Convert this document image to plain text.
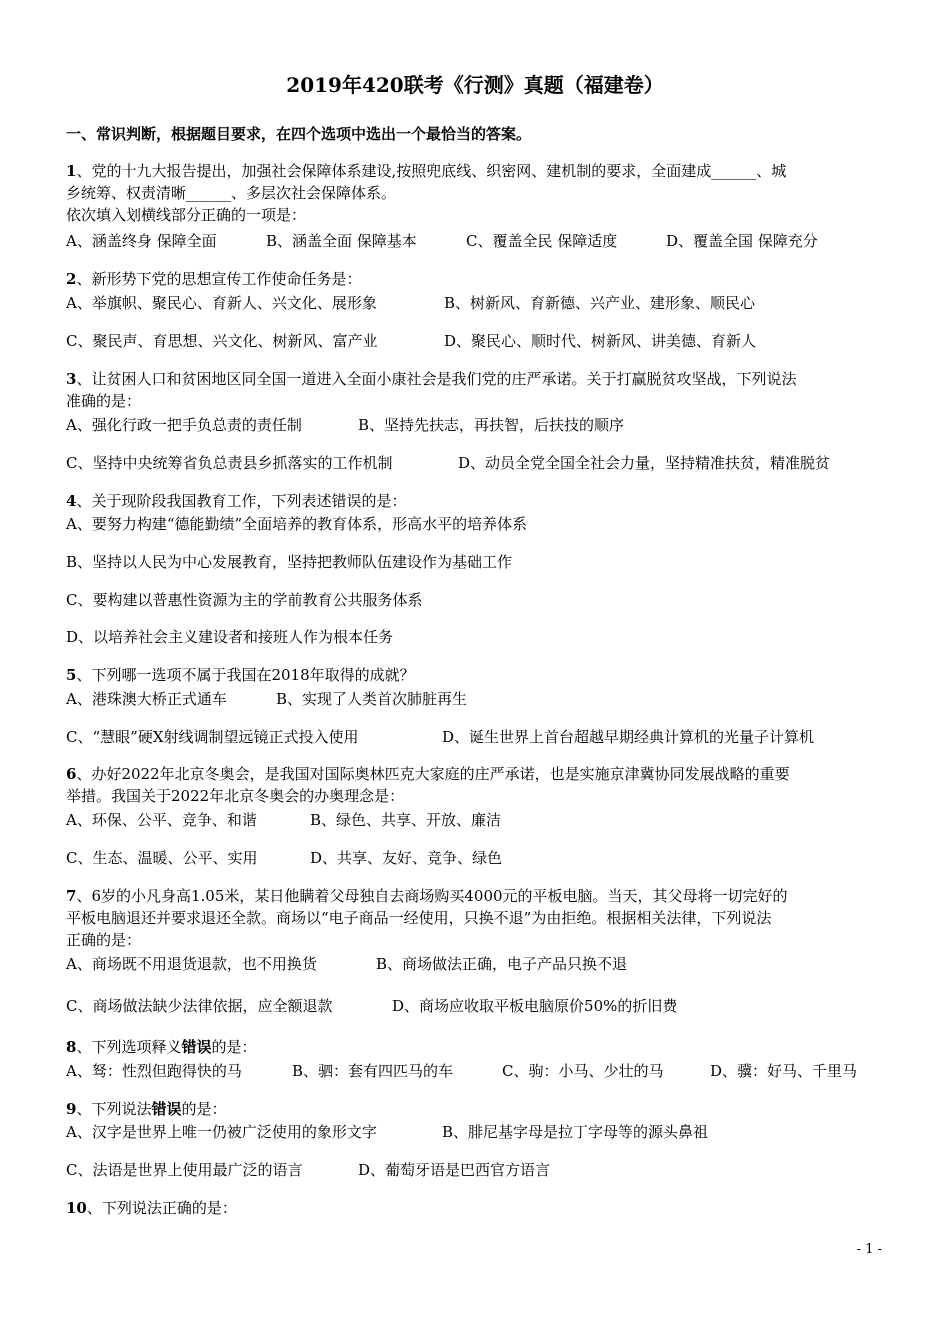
2019年420联考《行测》真题（福建卷）
一、常识判断，根据题目要求，在四个选项中选出一个最恰当的答案。
1、党的十九大报告提出，加强社会保障体系建设,按照兜底线、织密网、建机制的要求，全面建成______、城
乡统筹、权责清晰______、多层次社会保障体系。
依次填入划横线部分正确的一项是：
A、涵盖终身 保障全面	B、涵盖全面 保障基本	C、覆盖全民 保障适度	D、覆盖全国 保障充分
2、新形势下党的思想宣传工作使命任务是：
A、举旗帜、聚民心、育新人、兴文化、展形象	B、树新风、育新德、兴产业、建形象、顺民心
C、聚民声、育思想、兴文化、树新风、富产业	D、聚民心、顺时代、树新风、讲美德、育新人
3、让贫困人口和贫困地区同全国一道进入全面小康社会是我们党的庄严承诺。关于打赢脱贫攻坚战，下列说法
准确的是：
A、强化行政一把手负总责的责任制	B、坚持先扶志，再扶智，后扶技的顺序
C、坚持中央统筹省负总责县乡抓落实的工作机制	D、动员全党全国全社会力量，坚持精准扶贫，精准脱贫
4、关于现阶段我国教育工作，下列表述错误的是：
A、要努力构建“德能勤绩”全面培养的教育体系，形高水平的培养体系
B、坚持以人民为中心发展教育，坚持把教师队伍建设作为基础工作
C、要构建以普惠性资源为主的学前教育公共服务体系
D、以培养社会主义建设者和接班人作为根本任务
5、下列哪一选项不属于我国在2018年取得的成就？
A、港珠澳大桥正式通车	B、实现了人类首次肺脏再生
C、“慧眼”硬X射线调制望远镜正式投入使用	D、诞生世界上首台超越早期经典计算机的光量子计算机
6、办好2022年北京冬奥会，是我国对国际奥林匹克大家庭的庄严承诺，也是实施京津冀协同发展战略的重要
举措。我国关于2022年北京冬奥会的办奥理念是：
A、环保、公平、竞争、和谐	B、绿色、共享、开放、廉洁
C、生态、温暖、公平、实用	D、共享、友好、竞争、绿色
7、6岁的小凡身高1.05米，某日他瞒着父母独自去商场购买4000元的平板电脑。当天，其父母将一切完好的
平板电脑退还并要求退还全款。商场以“电子商品一经使用，只换不退”为由拒绝。根据相关法律，下列说法
正确的是：
A、商场既不用退货退款，也不用换货	B、商场做法正确，电子产品只换不退
C、商场做法缺少法律依据，应全额退款	D、商场应收取平板电脑原价50%的折旧费
8、下列选项释义错误的是：
A、驽：性烈但跑得快的马	B、驷：套有四匹马的车	C、驹：小马、少壮的马	D、骥：好马、千里马
9、下列说法错误的是：
A、汉字是世界上唯一仍被广泛使用的象形文字	B、腓尼基字母是拉丁字母等的源头鼻祖
C、法语是世界上使用最广泛的语言	D、葡萄牙语是巴西官方语言
10、下列说法正确的是：
- 1 -
